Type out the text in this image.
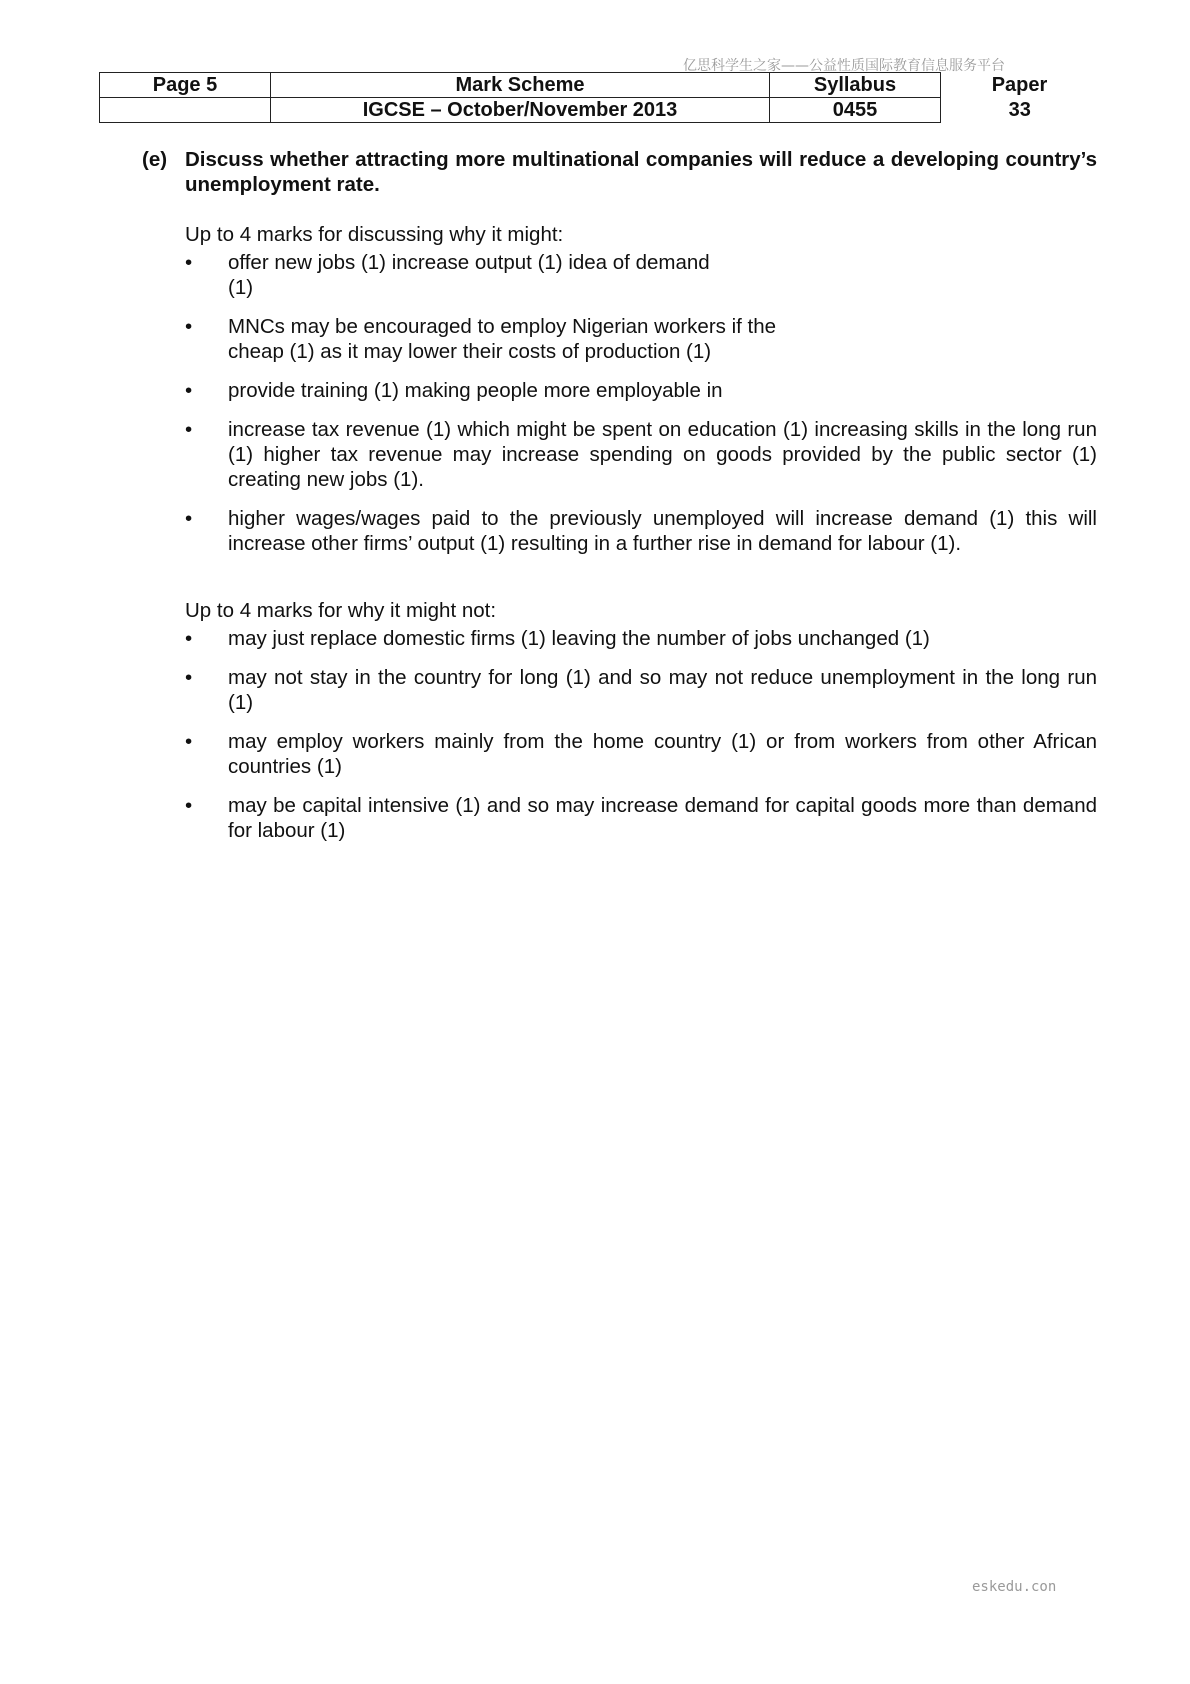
亿思科学生之家——公益性质国际教育信息服务平台
Page 5	Mark Scheme	Syllabus	Paper
	IGCSE – October/November 2013	0455	33
(e) Discuss whether attracting more multinational companies will reduce a developing country’s unemployment rate.
Up to 4 marks for discussing why it might:
•	offer new jobs (1) increase output (1) idea of demand
(1)
•	MNCs may be encouraged to employ Nigerian workers if the
cheap (1) as it may lower their costs of production (1)
•	provide training (1) making people more employable in
•	increase tax revenue (1) which might be spent on education (1) increasing skills in the long run (1) higher tax revenue may increase spending on goods provided by the public sector (1) creating new jobs (1).
•	higher wages/wages paid to the previously unemployed will increase demand (1) this will increase other firms’ output (1) resulting in a further rise in demand for labour (1).
Up to 4 marks for why it might not:
•	may just replace domestic firms (1) leaving the number of jobs unchanged (1)
•	may not stay in the country for long (1) and so may not reduce unemployment in the long run (1)
•	may employ workers mainly from the home country (1) or from workers from other African countries (1)
•	may be capital intensive (1) and so may increase demand for capital goods more than demand for labour (1)
eskedu.con
